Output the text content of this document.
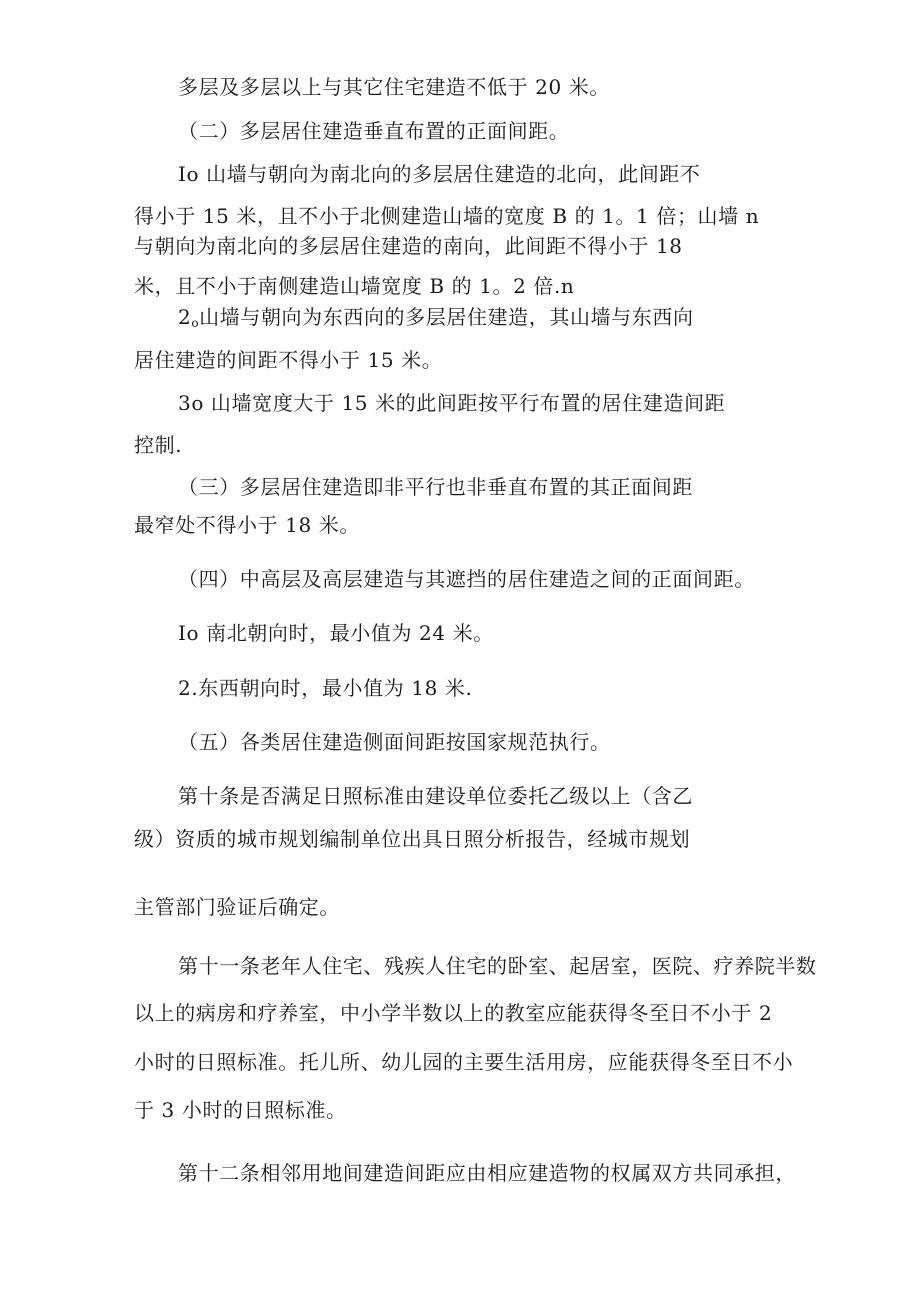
多层及多层以上与其它住宅建造不低于 20 米。
（二）多层居住建造垂直布置的正面间距。
Io 山墙与朝向为南北向的多层居住建造的北向，此间距不
得小于 15 米，且不小于北侧建造山墙的宽度 B 的 1。1 倍；山墙 n
与朝向为南北向的多层居住建造的南向，此间距不得小于 18
米，且不小于南侧建造山墙宽度 B 的 1。2 倍.n
$2_o$山墙与朝向为东西向的多层居住建造，其山墙与东西向
居住建造的间距不得小于 15 米。
3o 山墙宽度大于 15 米的此间距按平行布置的居住建造间距
控制.
（三）多层居住建造即非平行也非垂直布置的其正面间距
最窄处不得小于 18 米。
（四）中高层及高层建造与其遮挡的居住建造之间的正面间距。
Io 南北朝向时，最小值为 24 米。
2.东西朝向时，最小值为 18 米.
（五）各类居住建造侧面间距按国家规范执行。
第十条是否满足日照标准由建设单位委托乙级以上（含乙
级）资质的城市规划编制单位出具日照分析报告，经城市规划
主管部门验证后确定。
第十一条老年人住宅、残疾人住宅的卧室、起居室，医院、疗养院半数
以上的病房和疗养室，中小学半数以上的教室应能获得冬至日不小于 2
小时的日照标准。托儿所、幼儿园的主要生活用房，应能获得冬至日不小
于 3 小时的日照标准。
第十二条相邻用地间建造间距应由相应建造物的权属双方共同承担，
